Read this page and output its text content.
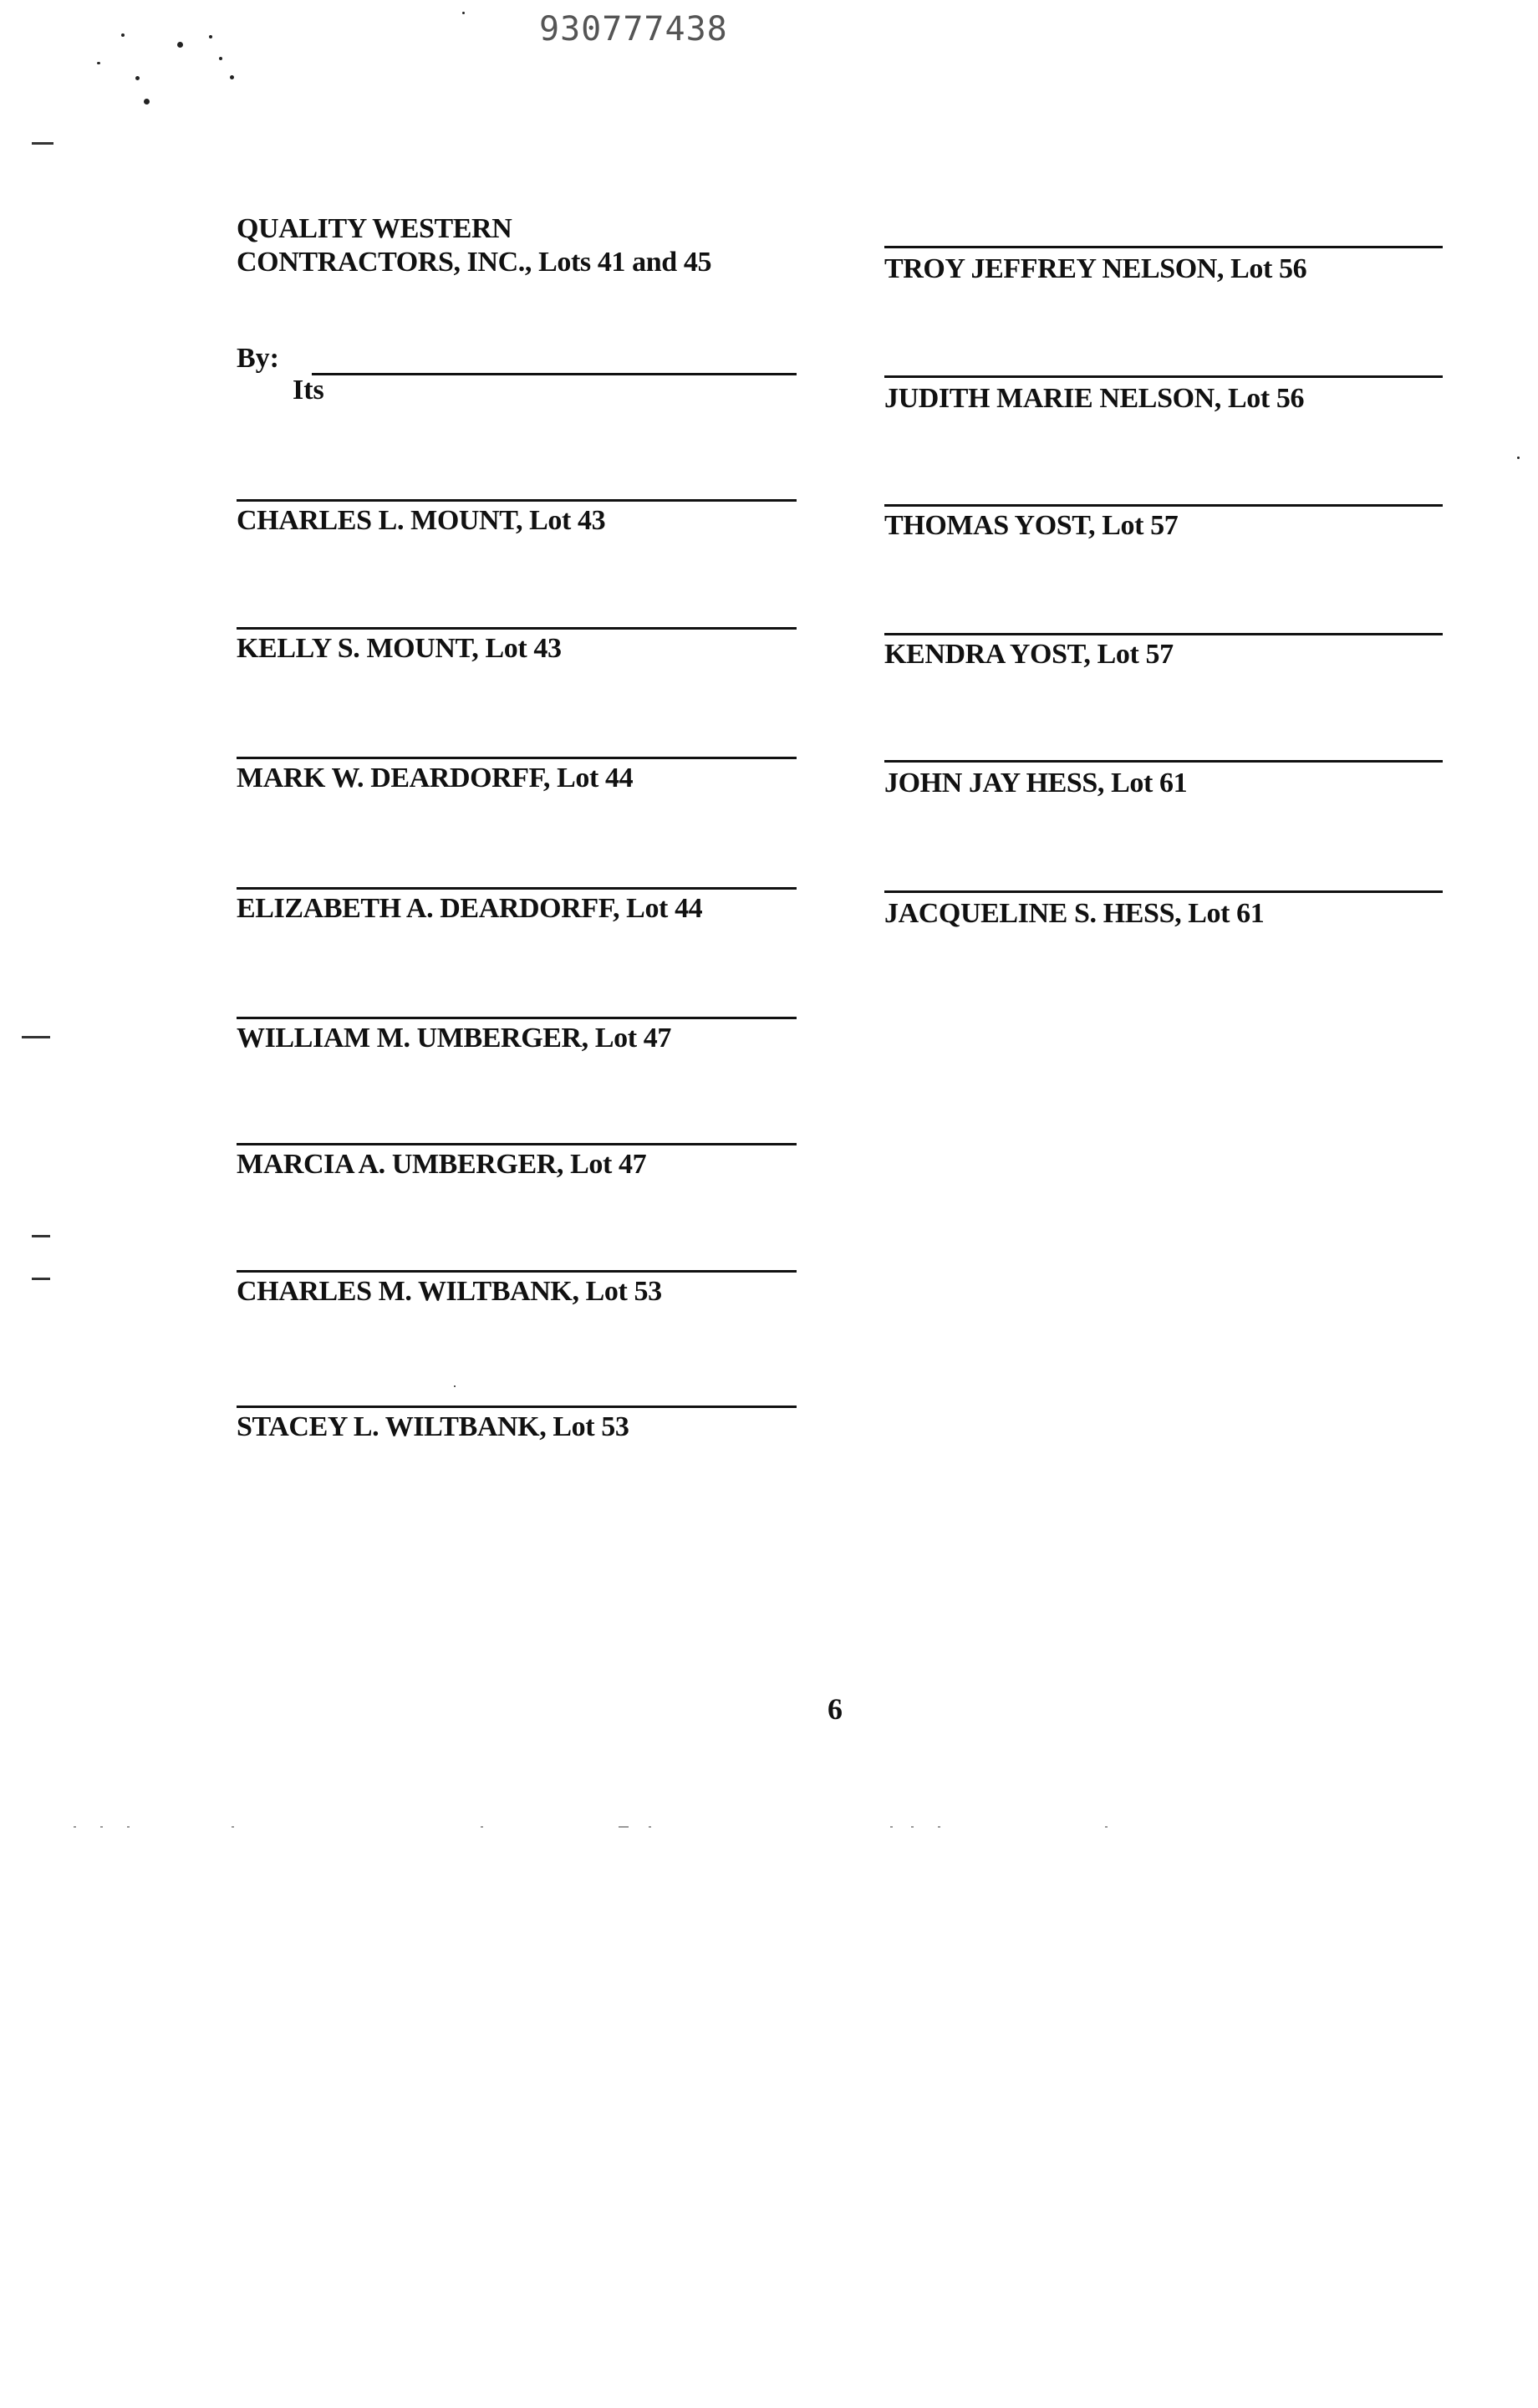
930777438
QUALITY WESTERN
CONTRACTORS, INC., Lots 41 and 45
By:
Its
CHARLES L. MOUNT, Lot 43
KELLY S. MOUNT, Lot 43
MARK W. DEARDORFF, Lot 44
ELIZABETH A. DEARDORFF, Lot 44
WILLIAM M. UMBERGER, Lot 47
MARCIA A. UMBERGER, Lot 47
CHARLES M. WILTBANK, Lot 53
STACEY L. WILTBANK, Lot 53
TROY JEFFREY NELSON, Lot 56
JUDITH MARIE NELSON, Lot 56
THOMAS YOST, Lot 57
KENDRA YOST, Lot 57
JOHN JAY HESS, Lot 61
JACQUELINE S. HESS, Lot 61
6
